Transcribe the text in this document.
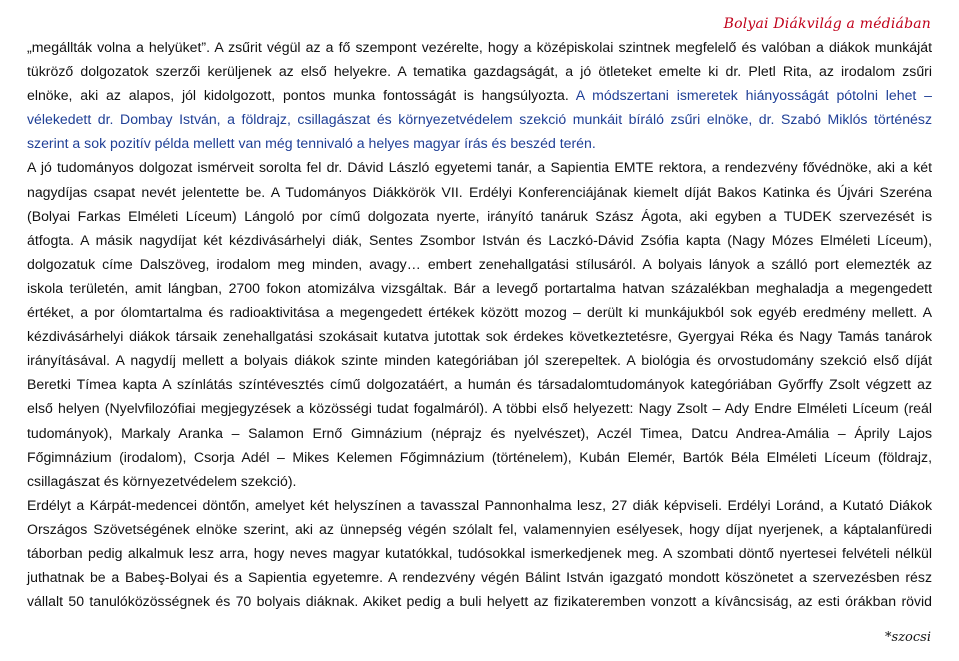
Bolyai Diákvilág a médiában
„megállták volna a helyüket”. A zsűrit végül az a fő szempont vezérelte, hogy a középiskolai szintnek megfelelő és valóban a diákok munkáját
tükröző dolgozatok szerzői kerüljenek az első helyekre. A tematika gazdagságát, a jó ötleteket emelte ki dr. Pletl Rita, az irodalom zsűri
elnöke, aki az alapos, jól kidolgozott, pontos munka fontosságát is hangsúlyozta. A módszertani ismeretek hiányosságát pótolni lehet –
vélekedett dr. Dombay István, a földrajz, csillagászat és környezetvédelem szekció munkáit bíráló zsűri elnöke, dr. Szabó Miklós történész
szerint a sok pozitív példa mellett van még tennivaló a helyes magyar írás és beszéd terén.
A jó tudományos dolgozat ismérveit sorolta fel dr. Dávid László egyetemi tanár, a Sapientia EMTE rektora, a rendezvény fővédnöke, aki a két
nagydíjas csapat nevét jelentette be. A Tudományos Diákkörök VII. Erdélyi Konferenciájának kiemelt díját Bakos Katinka és Újvári Szeréna
(Bolyai Farkas Elméleti Líceum) Lángoló por című dolgozata nyerte, irányító tanáruk Szász Ágota, aki egyben a TUDEK szervezését is
átfogta. A másik nagydíjat két kézdivásárhelyi diák, Sentes Zsombor István és Laczkó-Dávid Zsófia kapta (Nagy Mózes Elméleti Líceum),
dolgozatuk címe Dalszöveg, irodalom meg minden, avagy… embert zenehallgatási stílusáról. A bolyais lányok a szálló port elemezték az
iskola területén, amit lángban, 2700 fokon atomizálva vizsgáltak. Bár a levegő portartalma hatvan százalékban meghaladja a megengedett
értéket, a por ólomtartalma és radioaktivitása a megengedett értékek között mozog – derült ki munkájukból sok egyéb eredmény mellett. A
kézdivásárhelyi diákok társaik zenehallgatási szokásait kutatva jutottak sok érdekes következtetésre, Gyergyai Réka és Nagy Tamás tanárok
irányításával. A nagydíj mellett a bolyais diákok szinte minden kategóriában jól szerepeltek. A biológia és orvostudomány szekció első díját
Beretki Tímea kapta A színlátás színtévesztés című dolgozatáért, a humán és társadalomtudományok kategóriában Győrffy Zsolt végzett az
első helyen (Nyelvfilozófiai megjegyzések a közösségi tudat fogalmáról). A többi első helyezett: Nagy Zsolt – Ady Endre Elméleti Líceum (reál
tudományok), Markaly Aranka – Salamon Ernő Gimnázium (néprajz és nyelvészet), Aczél Timea, Datcu Andrea-Amália – Áprily Lajos
Főgimnázium (irodalom), Csorja Adél – Mikes Kelemen Főgimnázium (történelem), Kubán Elemér, Bartók Béla Elméleti Líceum (földrajz,
csillagászat és környezetvédelem szekció).
Erdélyt a Kárpát-medencei döntőn, amelyet két helyszínen a tavasszal Pannonhalma lesz, 27 diák képviseli. Erdélyi Loránd, a Kutató Diákok
Országos Szövetségének elnöke szerint, aki az ünnepség végén szólalt fel, valamennyien esélyesek, hogy díjat nyerjenek, a káptalanfüredi
táborban pedig alkalmuk lesz arra, hogy neves magyar kutatókkal, tudósokkal ismerkedjenek meg. A szombati döntő nyertesei felvételi nélkül
juthatnak be a Babeş-Bolyai és a Sapientia egyetemre. A rendezvény végén Bálint István igazgató mondott köszönetet a szervezésben rész
vállalt 50 tanulóközösségnek és 70 bolyais diáknak. Akiket pedig a buli helyett az fizikateremben vonzott a kívâncsiság, az esti órákban rövid
*szocsi
